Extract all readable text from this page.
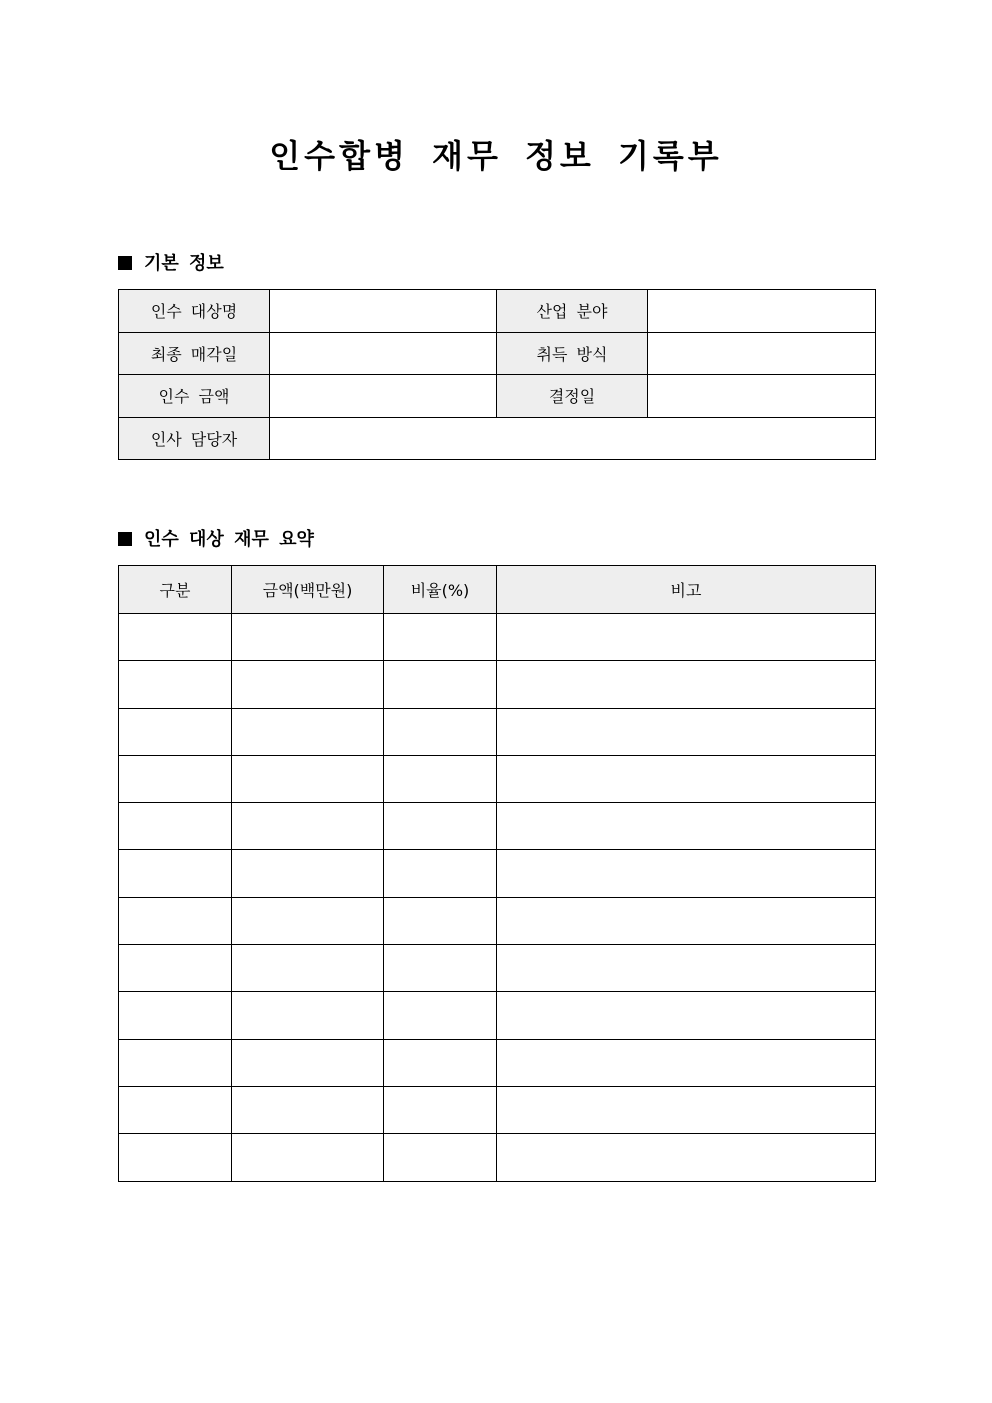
인수합병 재무 정보 기록부
기본 정보
인수 대상명		산업 분야	
최종 매각일		취득 방식	
인수 금액		결정일	
인사 담당자			
인수 대상 재무 요약
구분	금액(백만원)	비율(%)	비고
